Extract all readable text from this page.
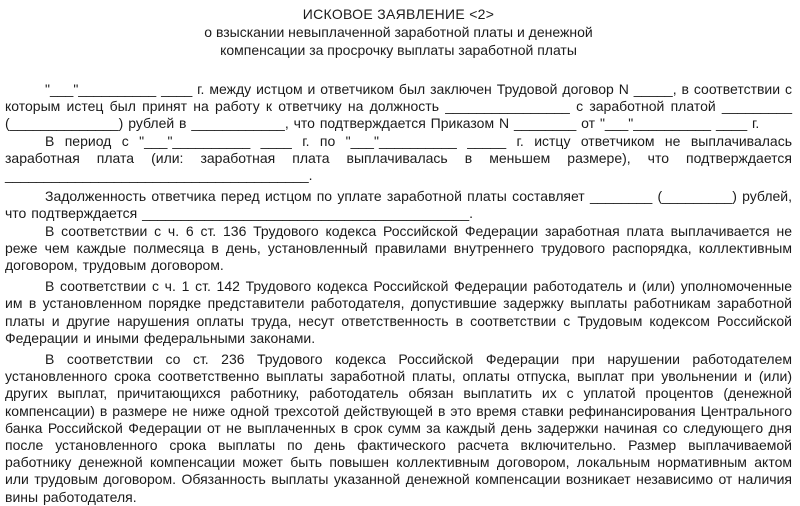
ИСКОВОЕ ЗАЯВЛЕНИЕ <2>
о взыскании невыплаченной заработной платы и денежной
компенсации за просрочку выплаты заработной платы

"___"__________ ____ г. между истцом и ответчиком был заключен Трудовой договор N _____, в соответствии с которым истец был принят на работу к ответчику на должность ________________ с заработной платой _________ (______________) рублей в ____________, что подтверждается Приказом N ________ от "___"__________ ____ г.

В период с "___"__________ ____ г. по "___"__________ _____ г. истцу ответчиком не выплачивалась заработная плата (или: заработная плата выплачивалась в меньшем размере), что подтверждается _______________________________________.

Задолженность ответчика перед истцом по уплате заработной платы составляет ________ (_________) рублей, что подтверждается __________________________________________.

В соответствии с ч. 6 ст. 136 Трудового кодекса Российской Федерации заработная плата выплачивается не реже чем каждые полмесяца в день, установленный правилами внутреннего трудового распорядка, коллективным договором, трудовым договором.

В соответствии с ч. 1 ст. 142 Трудового кодекса Российской Федерации работодатель и (или) уполномоченные им в установленном порядке представители работодателя, допустившие задержку выплаты работникам заработной платы и другие нарушения оплаты труда, несут ответственность в соответствии с Трудовым кодексом Российской Федерации и иными федеральными законами.

В соответствии со ст. 236 Трудового кодекса Российской Федерации при нарушении работодателем установленного срока соответственно выплаты заработной платы, оплаты отпуска, выплат при увольнении и (или) других выплат, причитающихся работнику, работодатель обязан выплатить их с уплатой процентов (денежной компенсации) в размере не ниже одной трехсотой действующей в это время ставки рефинансирования Центрального банка Российской Федерации от не выплаченных в срок сумм за каждый день задержки начиная со следующего дня после установленного срока выплаты по день фактического расчета включительно. Размер выплачиваемой работнику денежной компенсации может быть повышен коллективным договором, локальным нормативным актом или трудовым договором. Обязанность выплаты указанной денежной компенсации возникает независимо от наличия вины работодателя.
